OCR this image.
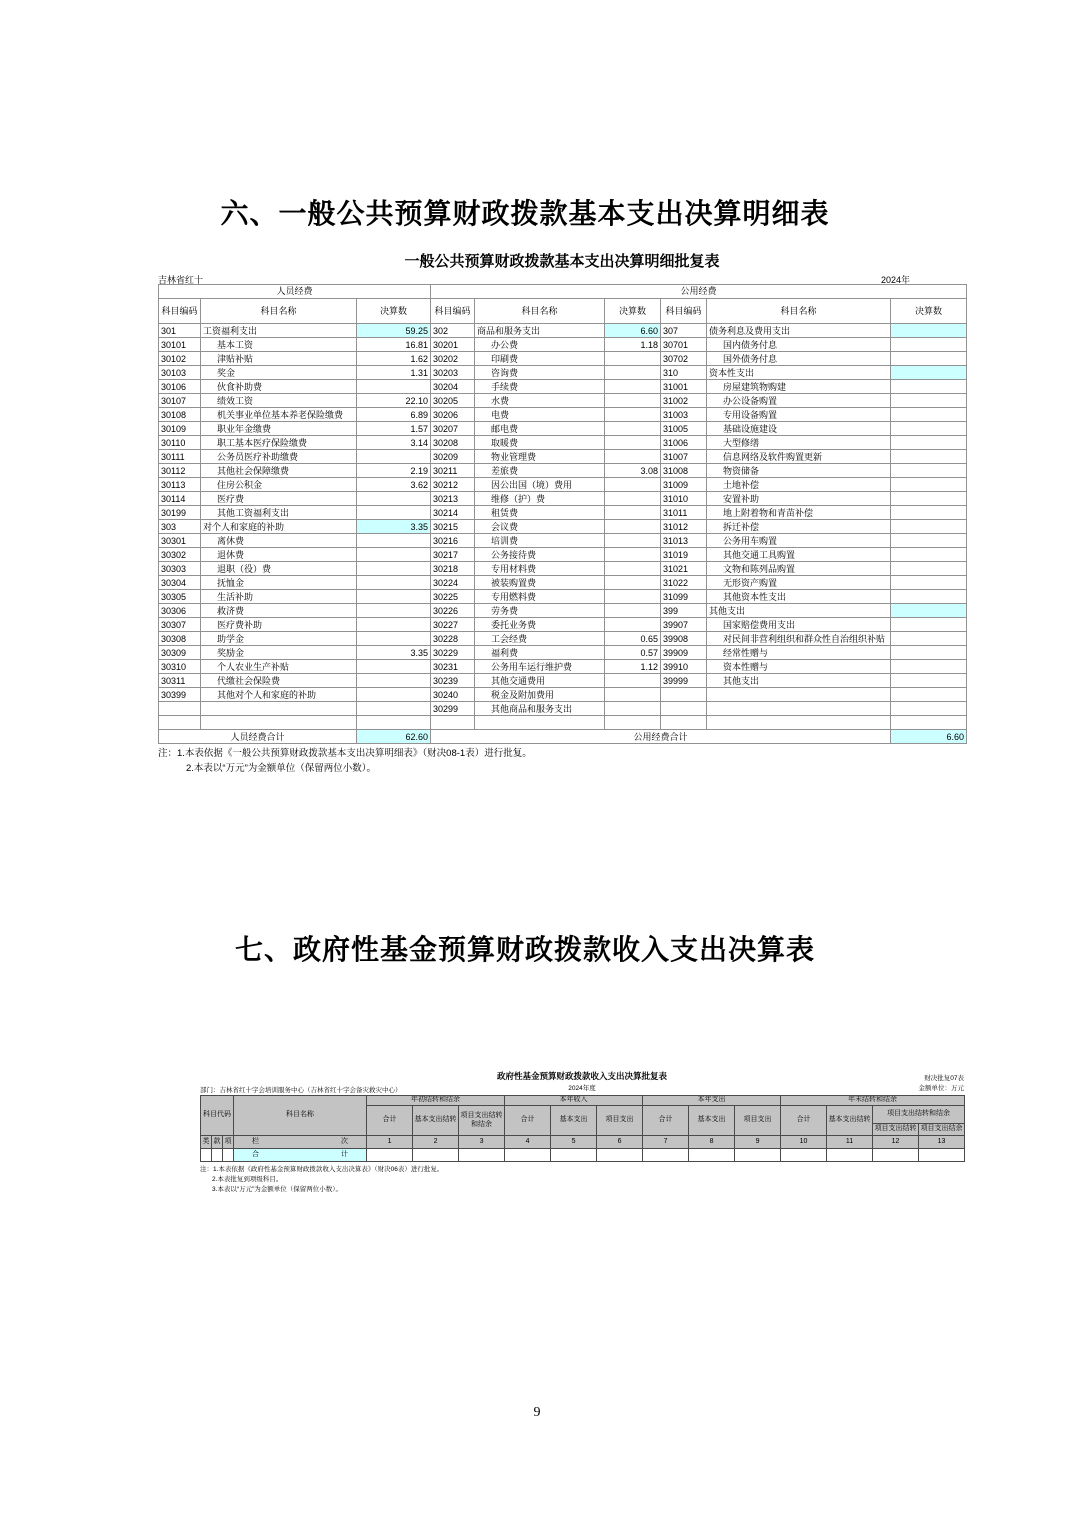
六、一般公共预算财政拨款基本支出决算明细表
一般公共预算财政拨款基本支出决算明细批复表
吉林省红十	2024年
人员经费			公用经费					
科目编码	科目名称	决算数	科目编码	科目名称	决算数	科目编码	科目名称	决算数
301	工资福利支出	59.25	302	商品和服务支出	6.60	307	债务利息及费用支出	
30101	基本工资	16.81	30201	办公费	1.18	30701	国内债务付息	
30102	津贴补贴	1.62	30202	印刷费		30702	国外债务付息	
30103	奖金	1.31	30203	咨询费		310	资本性支出	
30106	伙食补助费		30204	手续费		31001	房屋建筑物购建	
30107	绩效工资	22.10	30205	水费		31002	办公设备购置	
30108	机关事业单位基本养老保险缴费	6.89	30206	电费		31003	专用设备购置	
30109	职业年金缴费	1.57	30207	邮电费		31005	基础设施建设	
30110	职工基本医疗保险缴费	3.14	30208	取暖费		31006	大型修缮	
30111	公务员医疗补助缴费		30209	物业管理费		31007	信息网络及软件购置更新	
30112	其他社会保障缴费	2.19	30211	差旅费	3.08	31008	物资储备	
30113	住房公积金	3.62	30212	因公出国（境）费用		31009	土地补偿	
30114	医疗费		30213	维修（护）费		31010	安置补助	
30199	其他工资福利支出		30214	租赁费		31011	地上附着物和青苗补偿	
303	对个人和家庭的补助	3.35	30215	会议费		31012	拆迁补偿	
30301	离休费		30216	培训费		31013	公务用车购置	
30302	退休费		30217	公务接待费		31019	其他交通工具购置	
30303	退职（役）费		30218	专用材料费		31021	文物和陈列品购置	
30304	抚恤金		30224	被装购置费		31022	无形资产购置	
30305	生活补助		30225	专用燃料费		31099	其他资本性支出	
30306	救济费		30226	劳务费		399	其他支出	
30307	医疗费补助		30227	委托业务费		39907	国家赔偿费用支出	
30308	助学金		30228	工会经费	0.65	39908	对民间非营利组织和群众性自治组织补贴	
30309	奖励金	3.35	30229	福利费	0.57	39909	经常性赠与	
30310	个人农业生产补贴		30231	公务用车运行维护费	1.12	39910	资本性赠与	
30311	代缴社会保险费		30239	其他交通费用		39999	其他支出	
30399	其他对个人和家庭的补助		30240	税金及附加费用				
			30299	其他商品和服务支出				

人员经费合计		62.60	公用经费合计					6.60
注：1.本表依据《一般公共预算财政拨款基本支出决算明细表》（财决08-1表）进行批复。
2.本表以“万元”为金额单位（保留两位小数）。
七、政府性基金预算财政拨款收入支出决算表
政府性基金预算财政拨款收入支出决算批复表	财决批复07表
部门：吉林省红十字会培训服务中心（吉林省红十字会备灾救灾中心）	2024年度	金额单位：万元
科目代码			科目名称	年初结转和结余			本年收入			本年支出			年末结转和结余			
				合计	基本支出结转	项目支出结转和结余	合计	基本支出	项目支出	合计	基本支出	项目支出	合计	基本支出结转	项目支出结转和结余	
															项目支出结转	项目支出结余
类	款	项	栏次	1	2	3	4	5	6	7	8	9	10	11	12	13
			合计													
注：1.本表依据《政府性基金预算财政拨款收入支出决算表》（财决06表）进行批复。
2.本表批复到项级科目。
3.本表以“万元”为金额单位（保留两位小数）。
9
